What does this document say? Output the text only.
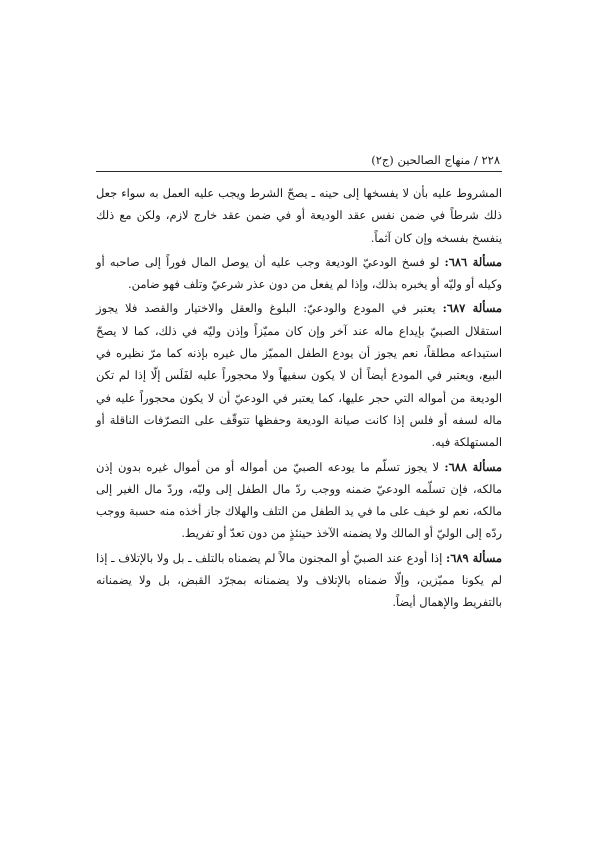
٢٢٨ / منهاج الصالحين (ج٢)

المشروط عليه بأن لا يفسخها إلى حينه ـ يصحّ الشرط ويجب عليه العمل به سواء جعل ذلك شرطاً في ضمن نفس عقد الوديعة أو في ضمن عقد خارج لازم، ولكن مع ذلك ينفسخ بفسخه وإن كان آثماً.

مسألة ٦٨٦: لو فسخ الودعيّ الوديعة وجب عليه أن يوصل المال فوراً إلى صاحبه أو وكيله أو وليّه أو يخبره بذلك، وإذا لم يفعل من دون عذر شرعيّ وتلف فهو ضامن.

مسألة ٦٨٧: يعتبر في المودع والودعيّ: البلوغ والعقل والاختيار والقصد فلا يجوز استقلال الصبيّ بإيداع ماله عند آخر وإن كان مميّزاً وإذن وليّه في ذلك، كما لا يصحّ استيداعه مطلقاً، نعم يجوز أن يودع الطفل المميّز مال غيره بإذنه كما مرّ نظيره في البيع، ويعتبر في المودع أيضاً أن لا يكون سفيهاً ولا محجوراً عليه لفَلَس إلّا إذا لم تكن الوديعة من أمواله التي حجر عليها، كما يعتبر في الودعيّ أن لا يكون محجوراً عليه في ماله لسفه أو فلس إذا كانت صيانة الوديعة وحفظها تتوقّف على التصرّفات الناقلة أو المستهلكة فيه.

مسألة ٦٨٨: لا يجوز تسلّم ما يودعه الصبيّ من أمواله أو من أموال غيره بدون إذن مالكه، فإن تسلّمه الودعيّ ضمنه ووجب ردّ مال الطفل إلى وليّه، وردّ مال الغير إلى مالكه، نعم لو خيف على ما في يد الطفل من التلف والهلاك جاز أخذه منه حسبة ووجب ردّه إلى الوليّ أو المالك ولا يضمنه الآخذ حينئذٍ من دون تعدّ أو تفريط.

مسألة ٦٨٩: إذا أودع عند الصبيّ أو المجنون مالاً لم يضمناه بالتلف ـ بل ولا بالإتلاف ـ إذا لم يكونا مميّزين، وإلّا ضمناه بالإتلاف ولا يضمنانه بمجرّد القبض، بل ولا يضمنانه بالتفريط والإهمال أيضاً.
